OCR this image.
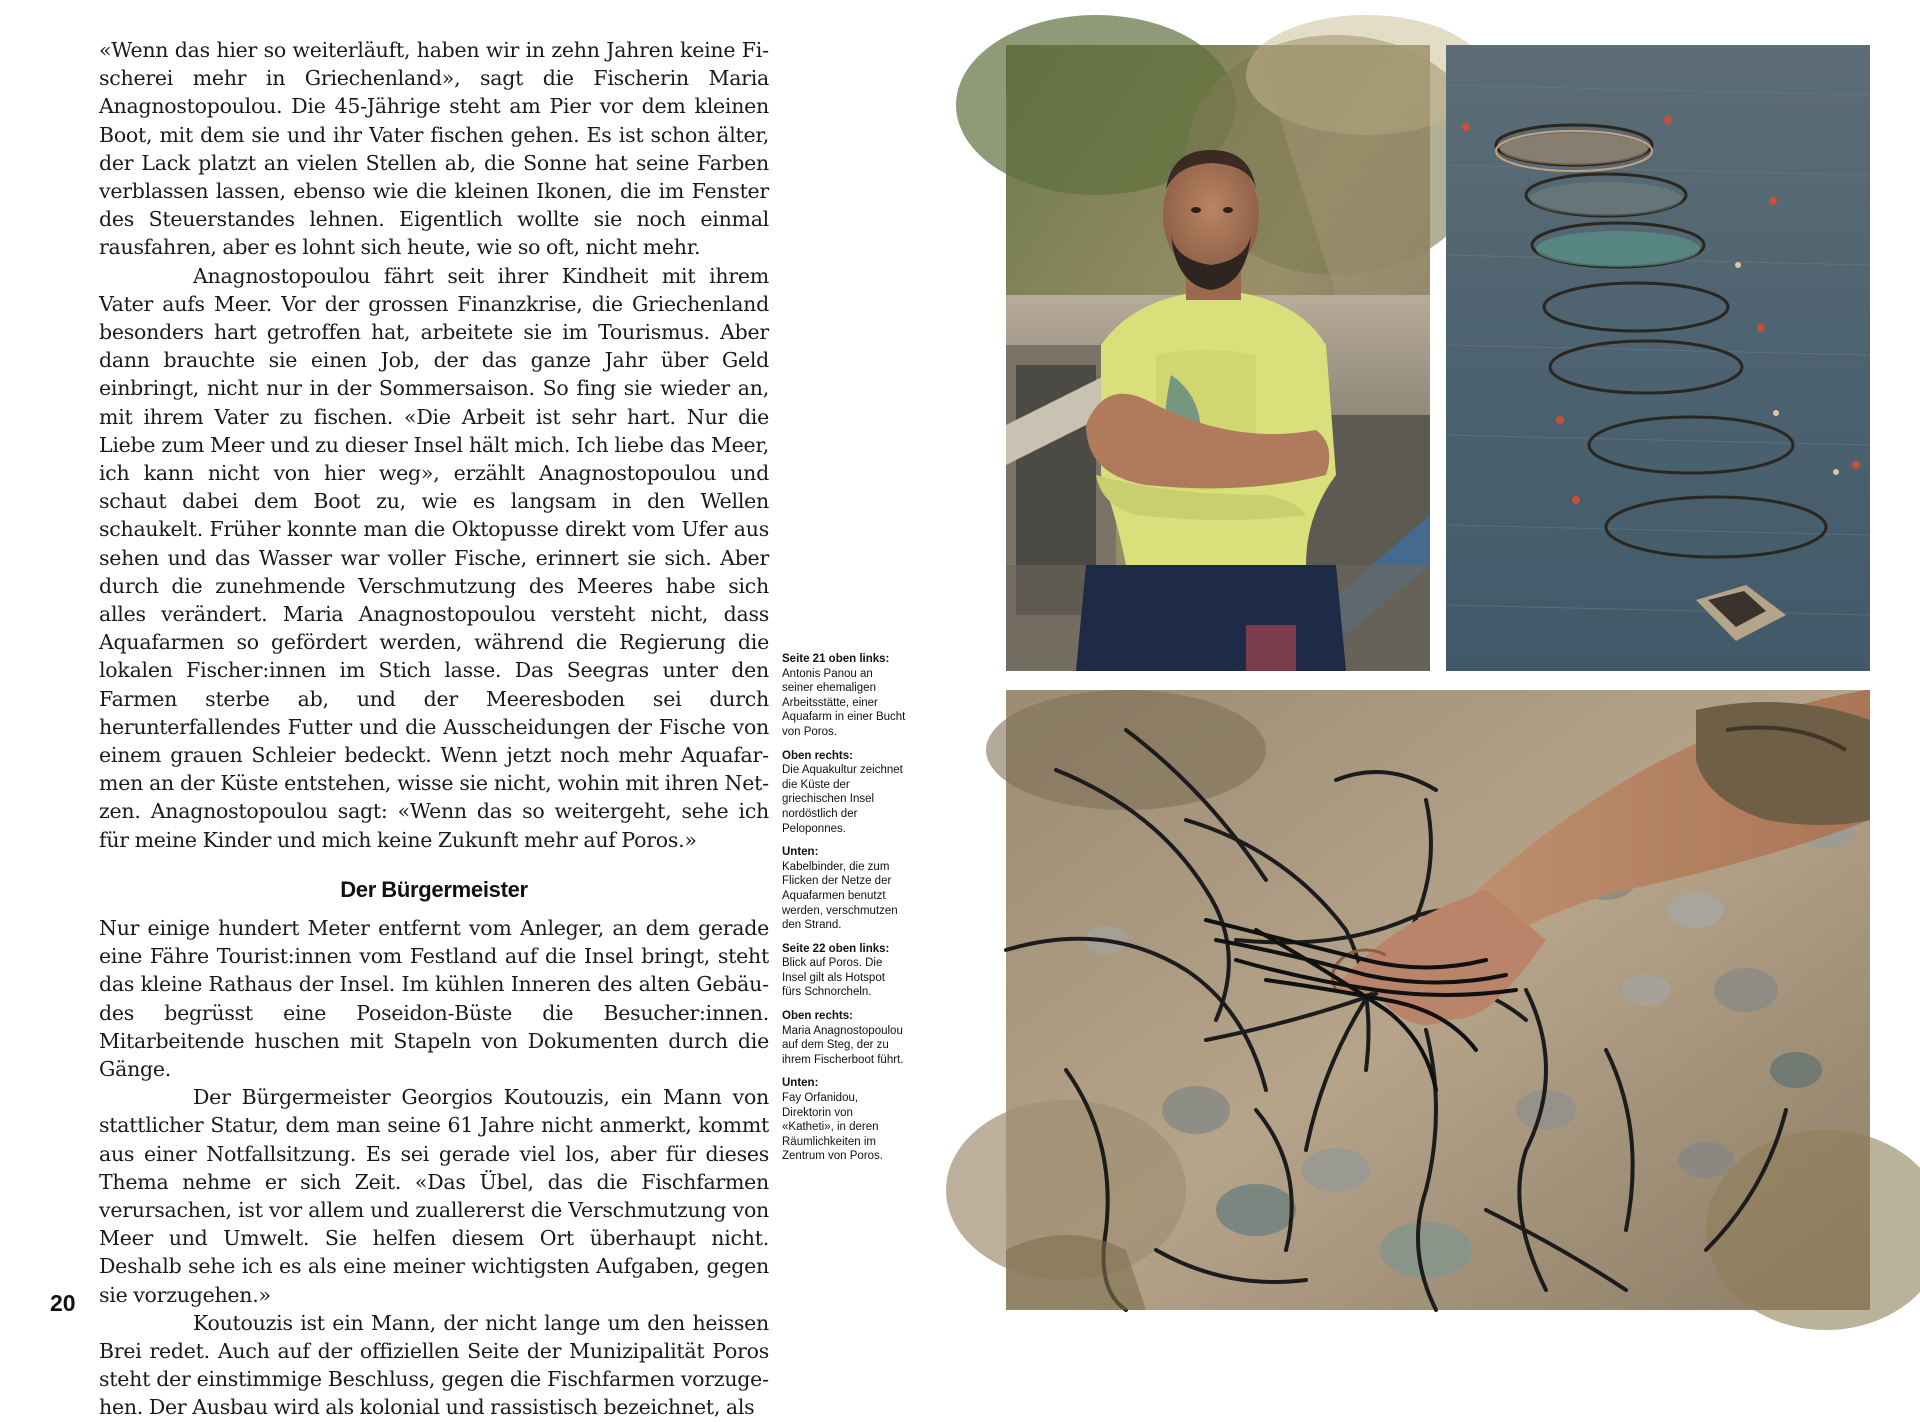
«Wenn das hier so weiterläuft, haben wir in zehn Jahren keine Fischerei mehr in Griechenland», sagt die Fischerin Maria Anagnostopoulou. Die 45-Jährige steht am Pier vor dem kleinen Boot, mit dem sie und ihr Vater fischen gehen. Es ist schon älter, der Lack platzt an vielen Stellen ab, die Sonne hat seine Farben verblassen lassen, ebenso wie die kleinen Ikonen, die im Fenster des Steuerstandes lehnen. Eigentlich wollte sie noch einmal rausfahren, aber es lohnt sich heute, wie so oft, nicht mehr.

Anagnostopoulou fährt seit ihrer Kindheit mit ihrem Vater aufs Meer. Vor der grossen Finanzkrise, die Griechenland besonders hart getroffen hat, arbeitete sie im Tourismus. Aber dann brauchte sie einen Job, der das ganze Jahr über Geld einbringt, nicht nur in der Sommersaison. So fing sie wieder an, mit ihrem Vater zu fischen. «Die Arbeit ist sehr hart. Nur die Liebe zum Meer und zu dieser Insel hält mich. Ich liebe das Meer, ich kann nicht von hier weg», erzählt Anagnostopoulou und schaut dabei dem Boot zu, wie es langsam in den Wellen schaukelt. Früher konnte man die Oktopusse direkt vom Ufer aus sehen und das Wasser war voller Fische, erinnert sie sich. Aber durch die zunehmende Verschmutzung des Meeres habe sich alles verändert. Maria Anagnostopoulou versteht nicht, dass Aquafarmen so gefördert werden, während die Regierung die lokalen Fischer:innen im Stich lasse. Das Seegras unter den Farmen sterbe ab, und der Meeresboden sei durch herunterfallendes Futter und die Ausscheidungen der Fische von einem grauen Schleier bedeckt. Wenn jetzt noch mehr Aquafarmen an der Küste entstehen, wisse sie nicht, wohin mit ihren Netzen. Anagnostopoulou sagt: «Wenn das so weitergeht, sehe ich für meine Kinder und mich keine Zukunft mehr auf Poros.»

Der Bürgermeister

Nur einige hundert Meter entfernt vom Anleger, an dem gerade eine Fähre Tourist:innen vom Festland auf die Insel bringt, steht das kleine Rathaus der Insel. Im kühlen Inneren des alten Gebäudes begrüsst eine Poseidon-Büste die Besucher:innen. Mitarbeitende huschen mit Stapeln von Dokumenten durch die Gänge.

Der Bürgermeister Georgios Koutouzis, ein Mann von stattlicher Statur, dem man seine 61 Jahre nicht anmerkt, kommt aus einer Notfallsitzung. Es sei gerade viel los, aber für dieses Thema nehme er sich Zeit. «Das Übel, das die Fischfarmen verursachen, ist vor allem und zuallererst die Verschmutzung von Meer und Umwelt. Sie helfen diesem Ort überhaupt nicht. Deshalb sehe ich es als eine meiner wichtigsten Aufgaben, gegen sie vorzugehen.»

Koutouzis ist ein Mann, der nicht lange um den heissen Brei redet. Auch auf der offiziellen Seite der Munizipalität Poros steht der einstimmige Beschluss, gegen die Fischfarmen vorzugehen. Der Ausbau wird als kolonial und rassistisch bezeichnet, als

20

Seite 21 oben links:
Antonis Panou an seiner ehemaligen Arbeitsstätte, einer Aquafarm in einer Bucht von Poros.

Oben rechts:
Die Aquakultur zeichnet die Küste der griechischen Insel nordöstlich der Peloponnes.

Unten:
Kabelbinder, die zum Flicken der Netze der Aquafarmen benutzt werden, verschmutzen den Strand.

Seite 22 oben links:
Blick auf Poros. Die Insel gilt als Hotspot fürs Schnorcheln.

Oben rechts:
Maria Anagnostopoulou auf dem Steg, der zu ihrem Fischerboot führt.

Unten:
Fay Orfanidou, Direktorin von «Katheti», in deren Räumlichkeiten im Zentrum von Poros.
